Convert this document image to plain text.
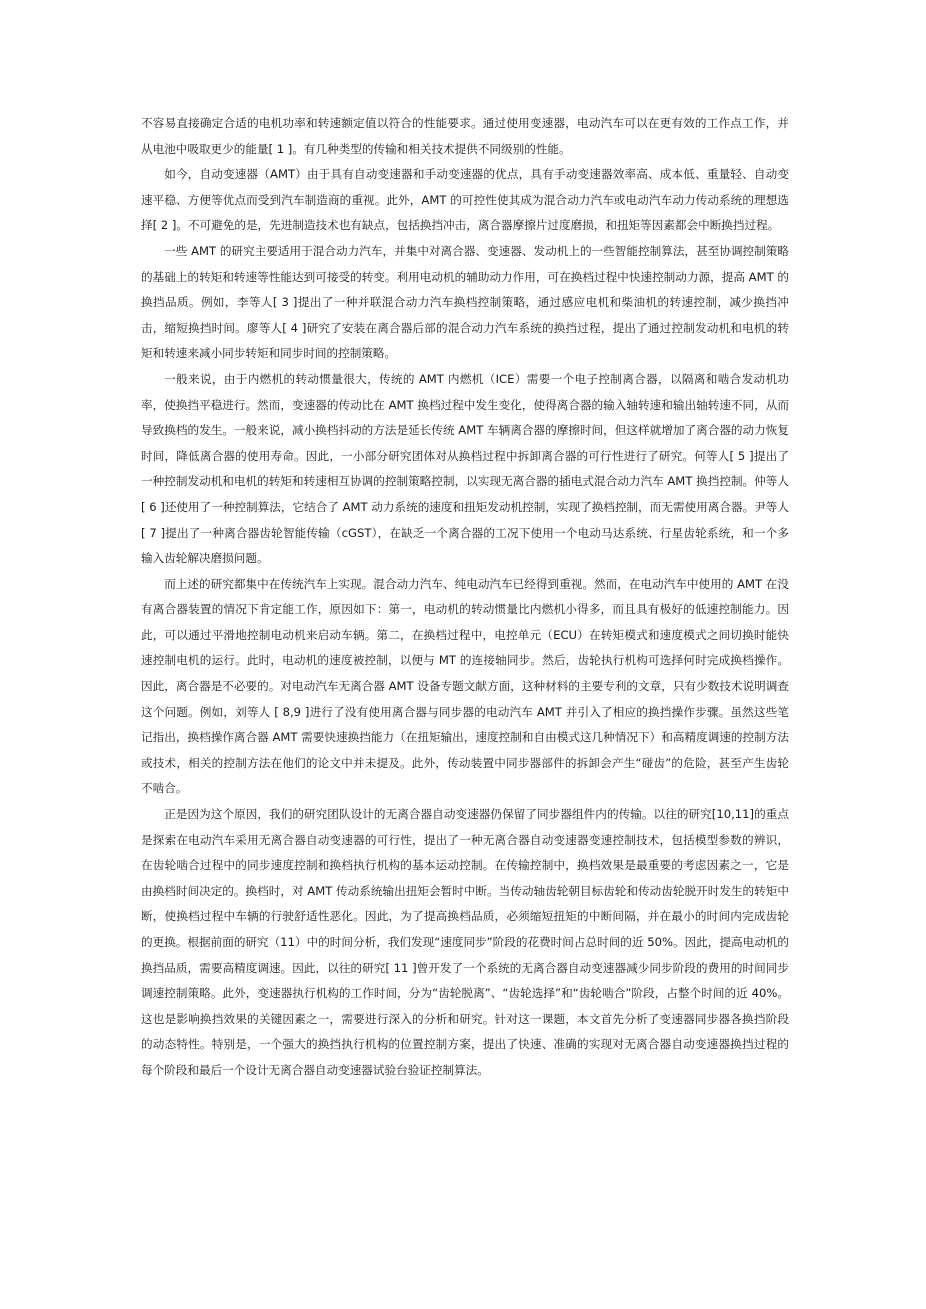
不容易直接确定合适的电机功率和转速额定值以符合的性能要求。通过使用变速器，电动汽车可以在更有效的工作点工作，并从电池中吸取更少的能量[ 1 ]。有几种类型的传输和相关技术提供不同级别的性能。

如今，自动变速器（AMT）由于具有自动变速器和手动变速器的优点，具有手动变速器效率高、成本低、重量轻、自动变速平稳、方便等优点而受到汽车制造商的重视。此外，AMT 的可控性使其成为混合动力汽车或电动汽车动力传动系统的理想选择[ 2 ]。不可避免的是，先进制造技术也有缺点，包括换挡冲击，离合器摩擦片过度磨损，和扭矩等因素都会中断换挡过程。

一些 AMT 的研究主要适用于混合动力汽车，并集中对离合器、变速器、发动机上的一些智能控制算法，甚至协调控制策略的基础上的转矩和转速等性能达到可接受的转变。利用电动机的辅助动力作用，可在换档过程中快速控制动力源，提高 AMT 的换挡品质。例如，李等人[ 3 ]提出了一种并联混合动力汽车换档控制策略，通过感应电机和柴油机的转速控制，减少换挡冲击，缩短换挡时间。廖等人[ 4 ]研究了安装在离合器后部的混合动力汽车系统的换挡过程，提出了通过控制发动机和电机的转矩和转速来减小同步转矩和同步时间的控制策略。

一般来说，由于内燃机的转动惯量很大，传统的 AMT 内燃机（ICE）需要一个电子控制离合器，以隔离和啮合发动机功率，使换挡平稳进行。然而，变速器的传动比在 AMT 换档过程中发生变化，使得离合器的输入轴转速和输出轴转速不同，从而导致换档的发生。一般来说，减小换档抖动的方法是延长传统 AMT 车辆离合器的摩擦时间，但这样就增加了离合器的动力恢复时间，降低离合器的使用寿命。因此，一小部分研究团体对从换档过程中拆卸离合器的可行性进行了研究。何等人[ 5 ]提出了一种控制发动机和电机的转矩和转速相互协调的控制策略控制，以实现无离合器的插电式混合动力汽车 AMT 换挡控制。仲等人[ 6 ]还使用了一种控制算法，它结合了 AMT 动力系统的速度和扭矩发动机控制，实现了换档控制，而无需使用离合器。尹等人[ 7 ]提出了一种离合器齿轮智能传输（cGST），在缺乏一个离合器的工况下使用一个电动马达系统、行星齿轮系统，和一个多输入齿轮解决磨损问题。

而上述的研究都集中在传统汽车上实现。混合动力汽车、纯电动汽车已经得到重视。然而，在电动汽车中使用的 AMT 在没有离合器装置的情况下肯定能工作，原因如下：第一，电动机的转动惯量比内燃机小得多，而且具有极好的低速控制能力。因此，可以通过平滑地控制电动机来启动车辆。第二，在换档过程中，电控单元（ECU）在转矩模式和速度模式之间切换时能快速控制电机的运行。此时，电动机的速度被控制，以便与 MT 的连接轴同步。然后，齿轮执行机构可选择何时完成换档操作。因此，离合器是不必要的。对电动汽车无离合器 AMT 设备专题文献方面，这种材料的主要专利的文章，只有少数技术说明调查这个问题。例如，刘等人 [ 8,9 ]进行了没有使用离合器与同步器的电动汽车 AMT 并引入了相应的换挡操作步骤。虽然这些笔记指出，换档操作离合器 AMT 需要快速换挡能力（在扭矩输出，速度控制和自由模式这几种情况下）和高精度调速的控制方法或技术，相关的控制方法在他们的论文中并未提及。此外，传动装置中同步器部件的拆卸会产生“碰齿”的危险，甚至产生齿轮不啮合。

正是因为这个原因，我们的研究团队设计的无离合器自动变速器仍保留了同步器组件内的传输。以往的研究[10,11]的重点是探索在电动汽车采用无离合器自动变速器的可行性，提出了一种无离合器自动变速器变速控制技术，包括模型参数的辨识，在齿轮啮合过程中的同步速度控制和换档执行机构的基本运动控制。在传输控制中，换档效果是最重要的考虑因素之一，它是由换档时间决定的。换档时，对 AMT 传动系统输出扭矩会暂时中断。当传动轴齿轮朝目标齿轮和传动齿轮脱开时发生的转矩中断，使换档过程中车辆的行驶舒适性恶化。因此，为了提高换档品质，必须缩短扭矩的中断间隔，并在最小的时间内完成齿轮的更换。根据前面的研究（11）中的时间分析，我们发现“速度同步”阶段的花费时间占总时间的近 50%。因此，提高电动机的换挡品质，需要高精度调速。因此，以往的研究[ 11 ]曾开发了一个系统的无离合器自动变速器减少同步阶段的费用的时间同步调速控制策略。此外，变速器执行机构的工作时间，分为“齿轮脱离”、“齿轮选择”和“齿轮啮合”阶段，占整个时间的近 40%。这也是影响换挡效果的关键因素之一，需要进行深入的分析和研究。针对这一课题，本文首先分析了变速器同步器各换挡阶段的动态特性。特别是，一个强大的换挡执行机构的位置控制方案，提出了快速、准确的实现对无离合器自动变速器换挡过程的每个阶段和最后一个设计无离合器自动变速器试验台验证控制算法。
